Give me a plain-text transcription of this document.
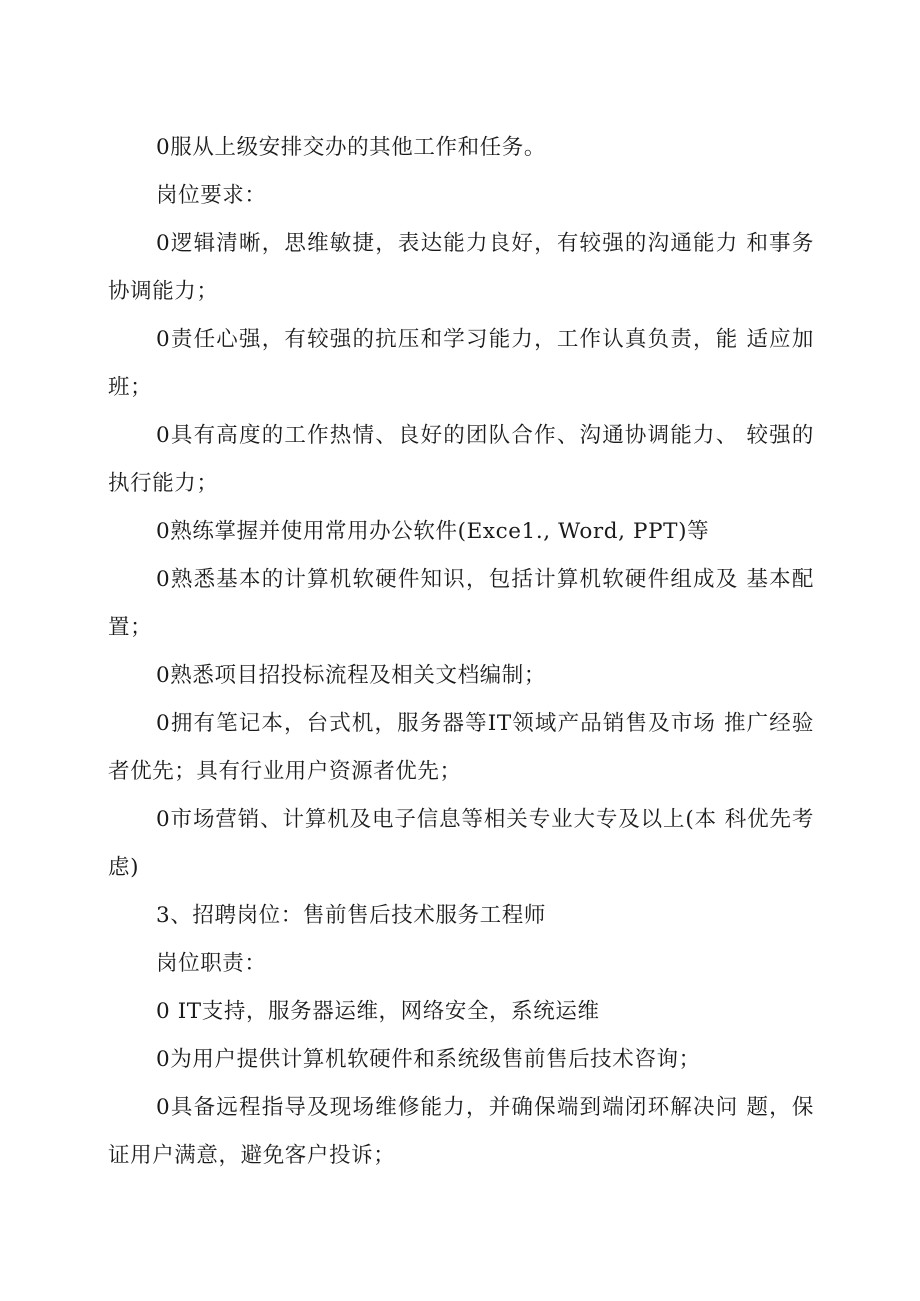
0服从上级安排交办的其他工作和任务。

岗位要求：

0逻辑清晰，思维敏捷，表达能力良好，有较强的沟通能力 和事务协调能力；

0责任心强，有较强的抗压和学习能力，工作认真负责，能 适应加班；

0具有高度的工作热情、良好的团队合作、沟通协调能力、 较强的执行能力；

0熟练掌握并使用常用办公软件(Exce1., Word, PPT)等

0熟悉基本的计算机软硬件知识，包括计算机软硬件组成及 基本配置；

0熟悉项目招投标流程及相关文档编制；

0拥有笔记本，台式机，服务器等IT领域产品销售及市场 推广经验者优先；具有行业用户资源者优先；

0市场营销、计算机及电子信息等相关专业大专及以上(本 科优先考虑)

3、招聘岗位：售前售后技术服务工程师

岗位职责：

0 IT支持，服务器运维，网络安全，系统运维

0为用户提供计算机软硬件和系统级售前售后技术咨询；

0具备远程指导及现场维修能力，并确保端到端闭环解决问 题，保证用户满意，避免客户投诉；
